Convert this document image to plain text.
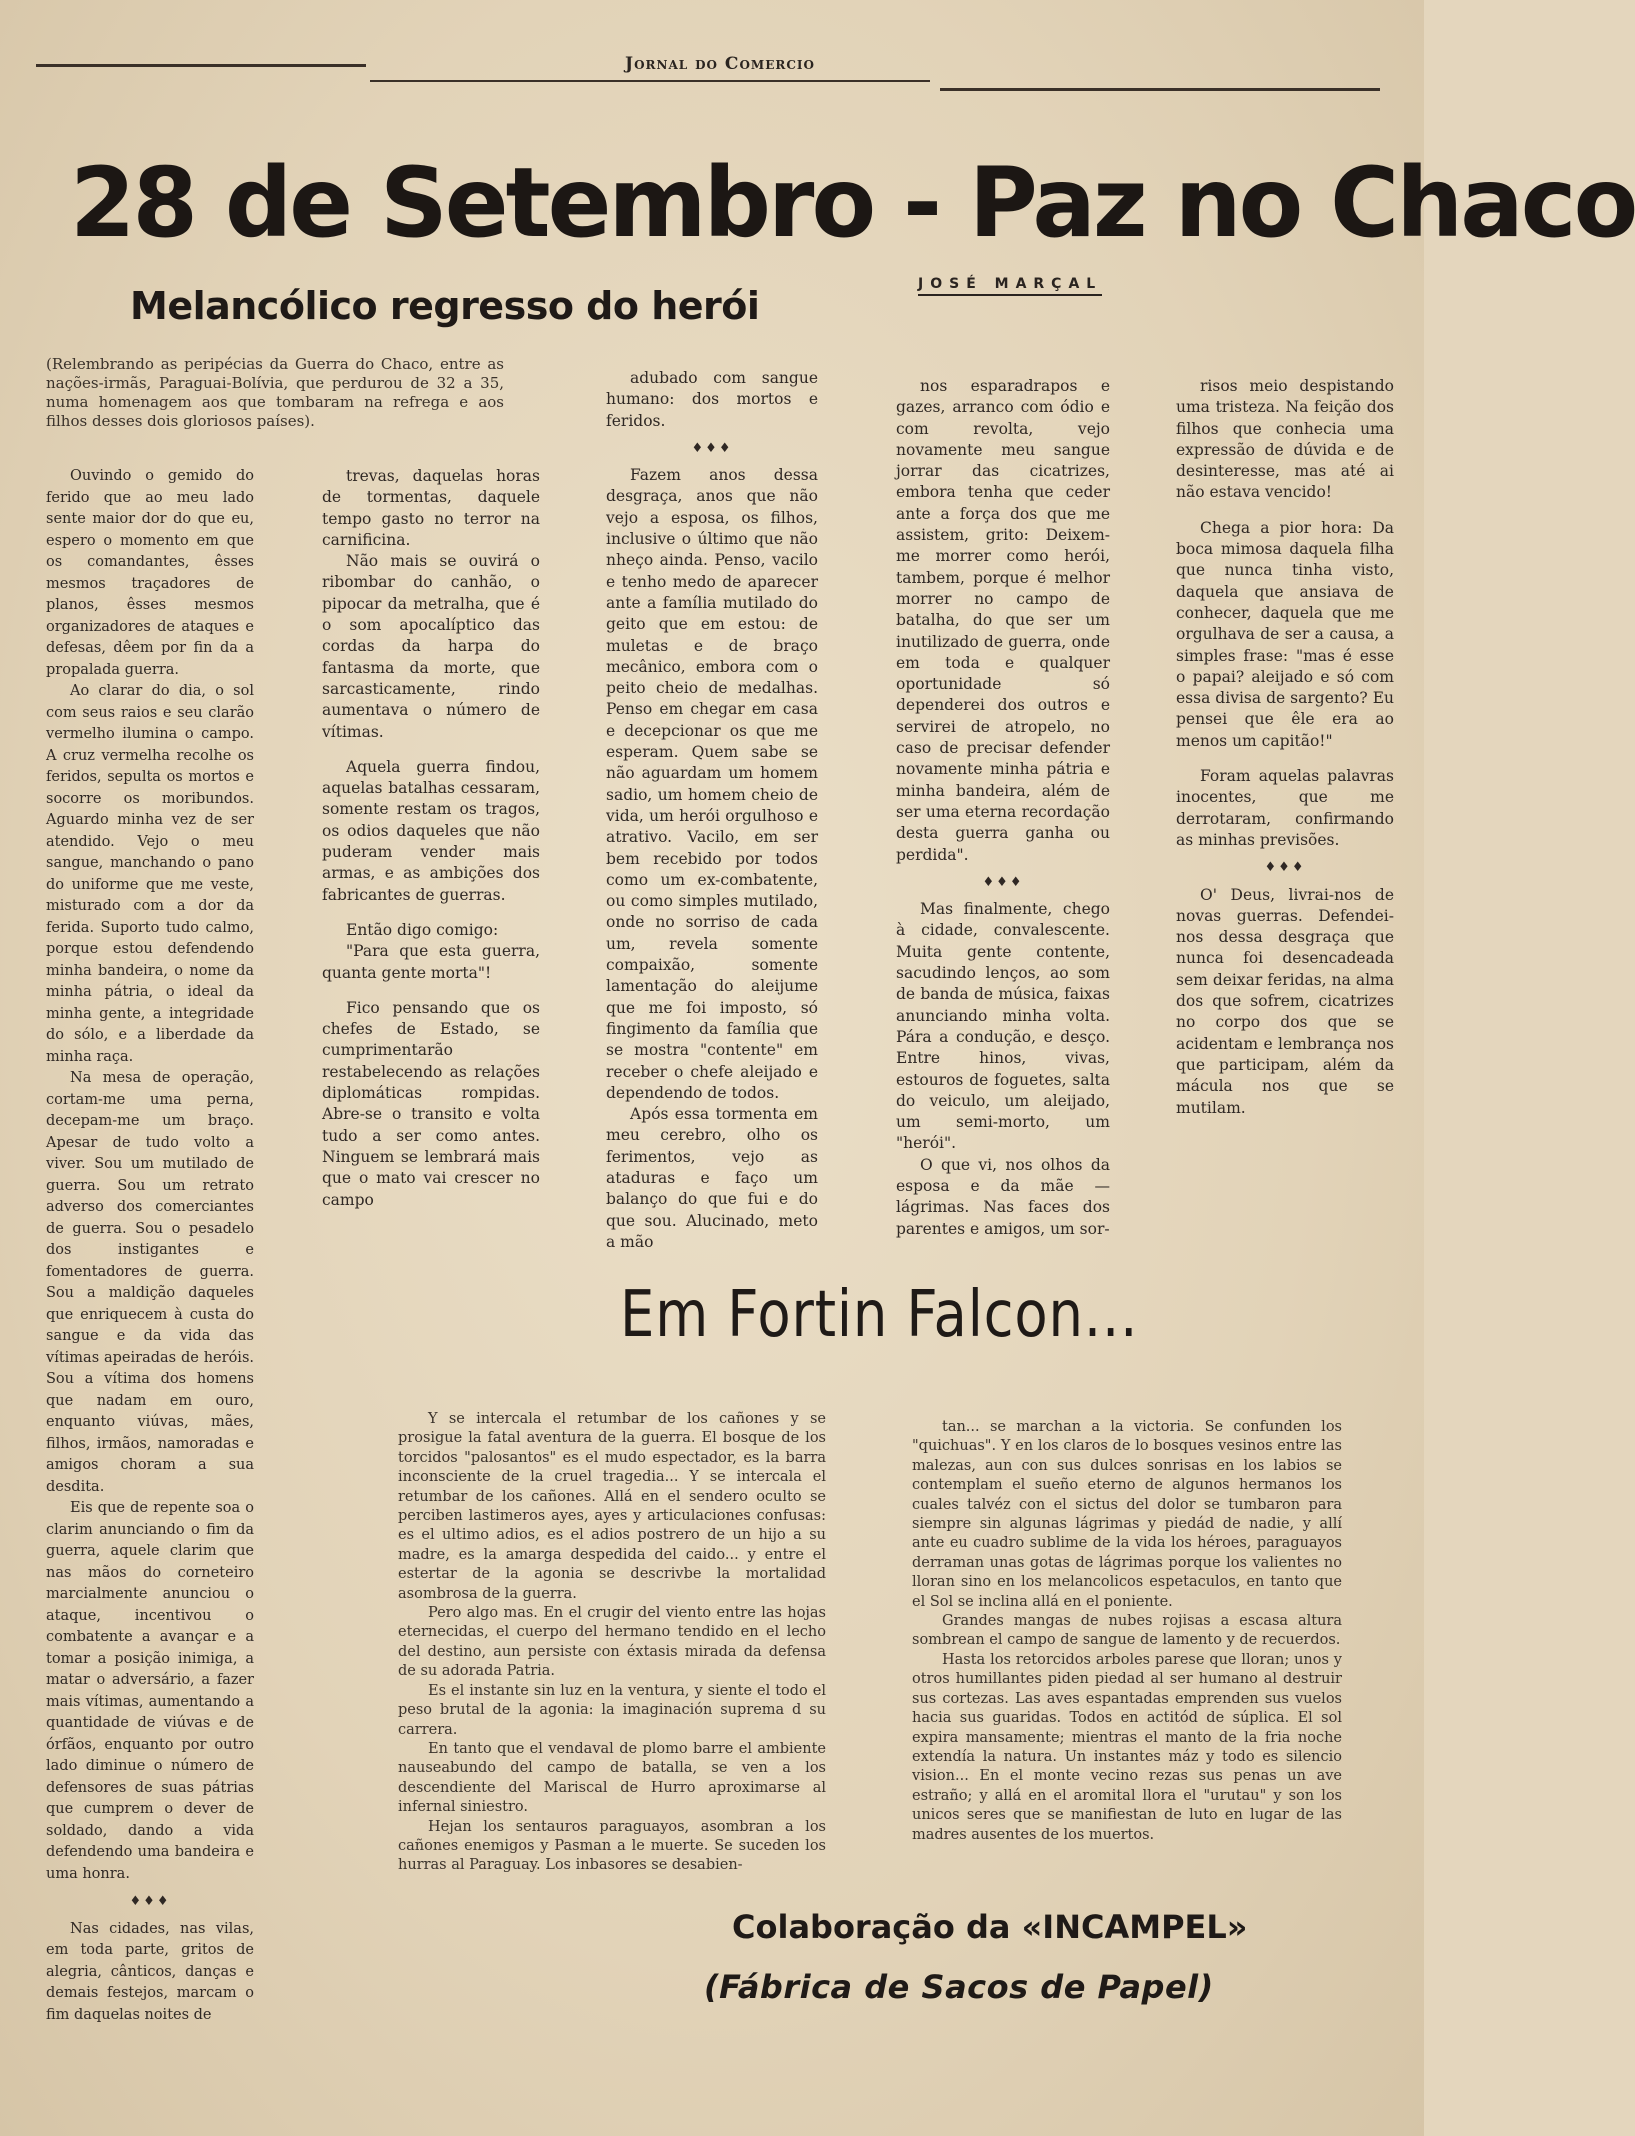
Jornal do Comercio
28 de Setembro - Paz no Chaco
Melancólico regresso do herói	JOSÉ MARÇAL
(Relembrando as peripécias da Guerra do Chaco, entre as nações-irmãs, Paraguai-Bolívia, que perdurou de 32 a 35, numa homenagem aos que tombaram na refrega e aos filhos desses dois gloriosos países).

Ouvindo o gemido do ferido que ao meu lado sente maior dor do que eu, espero o momento em que os comandantes, êsses mesmos traçadores de planos, êsses mesmos organizadores de ataques e defesas, dêem por fin da a propalada guerra.

Ao clarar do dia, o sol com seus raios e seu clarão vermelho ilumina o campo. A cruz vermelha recolhe os feridos, sepulta os mortos e socorre os moribundos. Aguardo minha vez de ser atendido. Vejo o meu sangue, manchando o pano do uniforme que me veste, misturado com a dor da ferida. Suporto tudo calmo, porque estou defendendo minha bandeira, o nome da minha pátria, o ideal da minha gente, a integridade do sólo, e a liberdade da minha raça.

Na mesa de operação, cortam-me uma perna, decepam-me um braço. Apesar de tudo volto a viver. Sou um mutilado de guerra. Sou um retrato adverso dos comerciantes de guerra. Sou o pesadelo dos instigantes e fomentadores de guerra. Sou a maldição daqueles que enriquecem à custa do sangue e da vida das vítimas apeiradas de heróis. Sou a vítima dos homens que nadam em ouro, enquanto viúvas, mães, filhos, irmãos, namoradas e amigos choram a sua desdita.

Eis que de repente soa o clarim anunciando o fim da guerra, aquele clarim que nas mãos do corneteiro marcialmente anunciou o ataque, incentivou o combatente a avançar e a tomar a posição inimiga, a matar o adversário, a fazer mais vítimas, aumentando a quantidade de viúvas e de órfãos, enquanto por outro lado diminue o número de defensores de suas pátrias que cumprem o dever de soldado, dando a vida defendendo uma bandeira e uma honra.

♦♦♦

Nas cidades, nas vilas, em toda parte, gritos de alegria, cânticos, danças e demais festejos, marcam o fim daquelas noites de

trevas, daquelas horas de tormentas, daquele tempo gasto no terror na carnificina.

Não mais se ouvirá o ribombar do canhão, o pipocar da metralha, que é o som apocalíptico das cordas da harpa do fantasma da morte, que sarcasticamente, rindo aumentava o número de vítimas.

Aquela guerra findou, aquelas batalhas cessaram, somente restam os tragos, os odios daqueles que não puderam vender mais armas, e as ambições dos fabricantes de guerras.

Então digo comigo:

"Para que esta guerra, quanta gente morta"!

Fico pensando que os chefes de Estado, se cumprimentarão restabelecendo as relações diplomáticas rompidas. Abre-se o transito e volta tudo a ser como antes. Ninguem se lembrará mais que o mato vai crescer no campo

adubado com sangue humano: dos mortos e feridos.

♦♦♦

Fazem anos dessa desgraça, anos que não vejo a esposa, os filhos, inclusive o último que não nheço ainda. Penso, vacilo e tenho medo de aparecer ante a família mutilado do geito que em estou: de muletas e de braço mecânico, embora com o peito cheio de medalhas. Penso em chegar em casa e decepcionar os que me esperam. Quem sabe se não aguardam um homem sadio, um homem cheio de vida, um herói orgulhoso e atrativo. Vacilo, em ser bem recebido por todos como um ex-combatente, ou como simples mutilado, onde no sorriso de cada um, revela somente compaixão, somente lamentação do aleijume que me foi imposto, só fingimento da família que se mostra "contente" em receber o chefe aleijado e dependendo de todos.

Após essa tormenta em meu cerebro, olho os ferimentos, vejo as ataduras e faço um balanço do que fui e do que sou. Alucinado, meto a mão

nos esparadrapos e gazes, arranco com ódio e com revolta, vejo novamente meu sangue jorrar das cicatrizes, embora tenha que ceder ante a força dos que me assistem, grito: Deixem-me morrer como herói, tambem, porque é melhor morrer no campo de batalha, do que ser um inutilizado de guerra, onde em toda e qualquer oportunidade só dependerei dos outros e servirei de atropelo, no caso de precisar defender novamente minha pátria e minha bandeira, além de ser uma eterna recordação desta guerra ganha ou perdida".

♦♦♦

Mas finalmente, chego à cidade, convalescente. Muita gente contente, sacudindo lenços, ao som de banda de música, faixas anunciando minha volta. Pára a condução, e desço. Entre hinos, vivas, estouros de foguetes, salta do veiculo, um aleijado, um semi-morto, um "herói".

O que vi, nos olhos da esposa e da mãe — lágrimas. Nas faces dos parentes e amigos, um sor-

risos meio despistando uma tristeza. Na feição dos filhos que conhecia uma expressão de dúvida e de desinteresse, mas até ai não estava vencido!

Chega a pior hora: Da boca mimosa daquela filha que nunca tinha visto, daquela que ansiava de conhecer, daquela que me orgulhava de ser a causa, a simples frase: "mas é esse o papai? aleijado e só com essa divisa de sargento? Eu pensei que êle era ao menos um capitão!"

Foram aquelas palavras inocentes, que me derrotaram, confirmando as minhas previsões.

♦♦♦

O' Deus, livrai-nos de novas guerras. Defendei-nos dessa desgraça que nunca foi desencadeada sem deixar feridas, na alma dos que sofrem, cicatrizes no corpo dos que se acidentam e lembrança nos que participam, além da mácula nos que se mutilam.

Em Fortin Falcon...

Y se intercala el retumbar de los cañones y se prosigue la fatal aventura de la guerra. El bosque de los torcidos "palosantos" es el mudo espectador, es la barra inconsciente de la cruel tragedia... Y se intercala el retumbar de los cañones. Allá en el sendero oculto se perciben lastimeros ayes, ayes y articulaciones confusas: es el ultimo adios, es el adios postrero de un hijo a su madre, es la amarga despedida del caido... y entre el estertar de la agonia se descrivbe la mortalidad asombrosa de la guerra.

Pero algo mas. En el crugir del viento entre las hojas eternecidas, el cuerpo del hermano tendido en el lecho del destino, aun persiste con éxtasis mirada da defensa de su adorada Patria.

Es el instante sin luz en la ventura, y siente el todo el peso brutal de la agonia: la imaginación suprema d su carrera.

En tanto que el vendaval de plomo barre el ambiente nauseabundo del campo de batalla, se ven a los descendiente del Mariscal de Hurro aproximarse al infernal siniestro.

Hejan los sentauros paraguayos, asombran a los cañones enemigos y Pasman a le muerte. Se suceden los hurras al Paraguay. Los inbasores se desabien-

tan... se marchan a la victoria. Se confunden los "quichuas". Y en los claros de lo bosques vesinos entre las malezas, aun con sus dulces sonrisas en los labios se contemplam el sueño eterno de algunos hermanos los cuales talvéz con el sictus del dolor se tumbaron para siempre sin algunas lágrimas y piedád de nadie, y allí ante eu cuadro sublime de la vida los héroes, paraguayos derraman unas gotas de lágrimas porque los valientes no lloran sino en los melancolicos espetaculos, en tanto que el Sol se inclina allá en el poniente.

Grandes mangas de nubes rojisas a escasa altura sombrean el campo de sangue de lamento y de recuerdos.

Hasta los retorcidos arboles parese que lloran; unos y otros humillantes piden piedad al ser humano al destruir sus cortezas. Las aves espantadas emprenden sus vuelos hacia sus guaridas. Todos en actitód de súplica. El sol expira mansamente; mientras el manto de la fria noche extendía la natura. Un instantes máz y todo es silencio vision... En el monte vecino rezas sus penas un ave estraño; y allá en el aromital llora el "urutau" y son los unicos seres que se manifiestan de luto en lugar de las madres ausentes de los muertos.

Colaboração da «INCAMPEL»
(Fábrica de Sacos de Papel)
